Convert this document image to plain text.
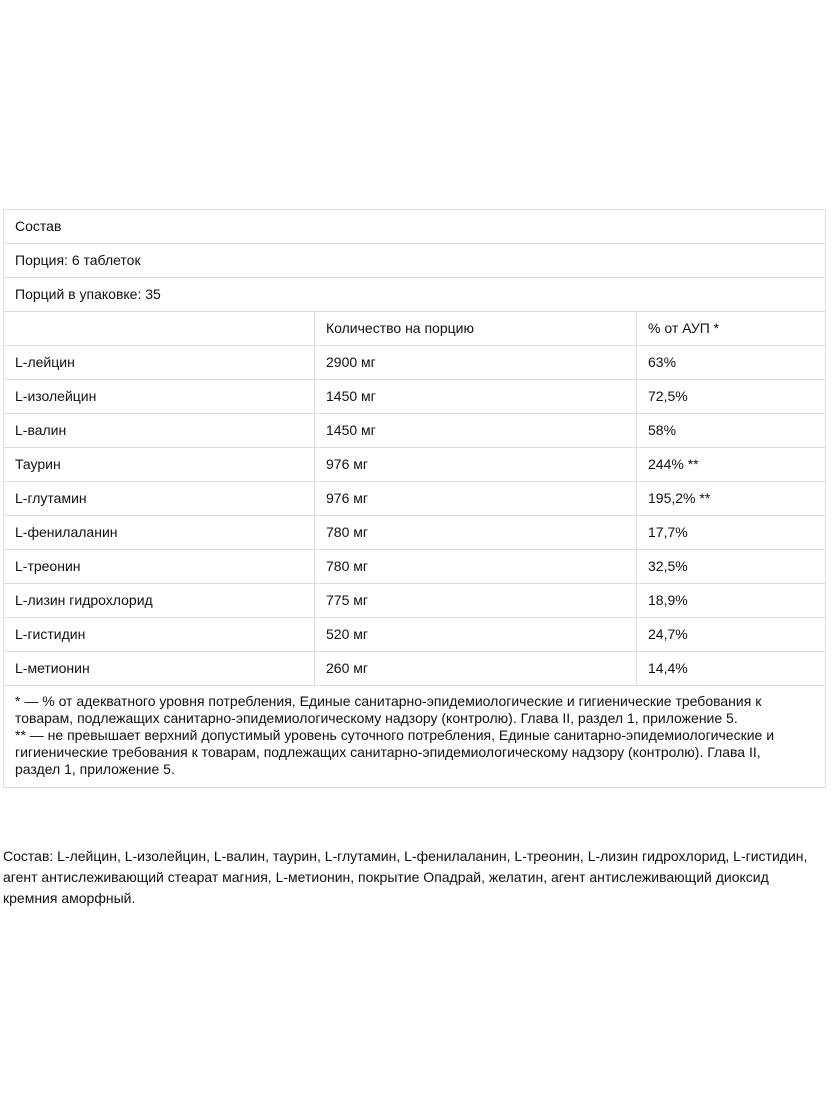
Состав		
Порция: 6 таблеток		
Порций в упаковке: 35		
	Количество на порцию	% от АУП *
L-лейцин	2900 мг	63%
L-изолейцин	1450 мг	72,5%
L-валин	1450 мг	58%
Таурин	976 мг	244% **
L-глутамин	976 мг	195,2% **
L-фенилаланин	780 мг	17,7%
L-треонин	780 мг	32,5%
L-лизин гидрохлорид	775 мг	18,9%
L-гистидин	520 мг	24,7%
L-метионин	260 мг	14,4%

* — % от адекватного уровня потребления, Единые санитарно-эпидемиологические и гигиенические требования к товарам, подлежащих санитарно-эпидемиологическому надзору (контролю). Глава II, раздел 1, приложение 5.
** — не превышает верхний допустимый уровень суточного потребления, Единые санитарно-эпидемиологические и гигиенические требования к товарам, подлежащих санитарно-эпидемиологическому надзору (контролю). Глава II, раздел 1, приложение 5.		

Состав: L-лейцин, L-изолейцин, L-валин, таурин, L-глутамин, L-фенилаланин, L-треонин, L-лизин гидрохлорид, L-гистидин, агент антислеживающий стеарат магния, L-метионин, покрытие Опадрай, желатин, агент антислеживающий диоксид кремния аморфный.
